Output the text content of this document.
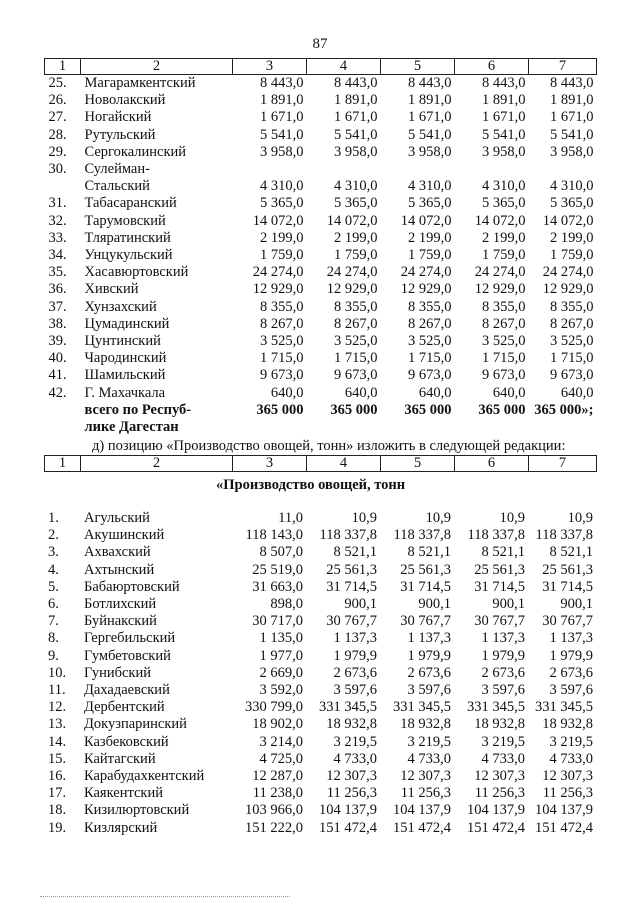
87
1	2	3	4	5	6	7
25.	Магарамкентский	8 443,0	8 443,0	8 443,0	8 443,0	8 443,0
26.	Новолакский	1 891,0	1 891,0	1 891,0	1 891,0	1 891,0
27.	Ногайский	1 671,0	1 671,0	1 671,0	1 671,0	1 671,0
28.	Рутульский	5 541,0	5 541,0	5 541,0	5 541,0	5 541,0
29.	Сергокалинский	3 958,0	3 958,0	3 958,0	3 958,0	3 958,0
30.	Сулейман-					
	Стальский	4 310,0	4 310,0	4 310,0	4 310,0	4 310,0
31.	Табасаранский	5 365,0	5 365,0	5 365,0	5 365,0	5 365,0
32.	Тарумовский	14 072,0	14 072,0	14 072,0	14 072,0	14 072,0
33.	Тляратинский	2 199,0	2 199,0	2 199,0	2 199,0	2 199,0
34.	Унцукульский	1 759,0	1 759,0	1 759,0	1 759,0	1 759,0
35.	Хасавюртовский	24 274,0	24 274,0	24 274,0	24 274,0	24 274,0
36.	Хивский	12 929,0	12 929,0	12 929,0	12 929,0	12 929,0
37.	Хунзахский	8 355,0	8 355,0	8 355,0	8 355,0	8 355,0
38.	Цумадинский	8 267,0	8 267,0	8 267,0	8 267,0	8 267,0
39.	Цунтинский	3 525,0	3 525,0	3 525,0	3 525,0	3 525,0
40.	Чародинский	1 715,0	1 715,0	1 715,0	1 715,0	1 715,0
41.	Шамильский	9 673,0	9 673,0	9 673,0	9 673,0	9 673,0
42.	Г. Махачкала	640,0	640,0	640,0	640,0	640,0
	всего по Респуб-	365 000	365 000	365 000	365 000	365 000»;
	лике Дагестан					
д) позицию «Производство овощей, тонн» изложить в следующей редакции:
1	2	3	4	5	6	7
«Производство овощей, тонн
1.	Агульский	11,0	10,9	10,9	10,9	10,9
2.	Акушинский	118 143,0	118 337,8	118 337,8	118 337,8	118 337,8
3.	Ахвахский	8 507,0	8 521,1	8 521,1	8 521,1	8 521,1
4.	Ахтынский	25 519,0	25 561,3	25 561,3	25 561,3	25 561,3
5.	Бабаюртовский	31 663,0	31 714,5	31 714,5	31 714,5	31 714,5
6.	Ботлихский	898,0	900,1	900,1	900,1	900,1
7.	Буйнакский	30 717,0	30 767,7	30 767,7	30 767,7	30 767,7
8.	Гергебильский	1 135,0	1 137,3	1 137,3	1 137,3	1 137,3
9.	Гумбетовский	1 977,0	1 979,9	1 979,9	1 979,9	1 979,9
10.	Гунибский	2 669,0	2 673,6	2 673,6	2 673,6	2 673,6
11.	Дахадаевский	3 592,0	3 597,6	3 597,6	3 597,6	3 597,6
12.	Дербентский	330 799,0	331 345,5	331 345,5	331 345,5	331 345,5
13.	Докузпаринский	18 902,0	18 932,8	18 932,8	18 932,8	18 932,8
14.	Казбековский	3 214,0	3 219,5	3 219,5	3 219,5	3 219,5
15.	Кайтагский	4 725,0	4 733,0	4 733,0	4 733,0	4 733,0
16.	Карабудахкентский	12 287,0	12 307,3	12 307,3	12 307,3	12 307,3
17.	Каякентский	11 238,0	11 256,3	11 256,3	11 256,3	11 256,3
18.	Кизилюртовский	103 966,0	104 137,9	104 137,9	104 137,9	104 137,9
19.	Кизлярский	151 222,0	151 472,4	151 472,4	151 472,4	151 472,4
